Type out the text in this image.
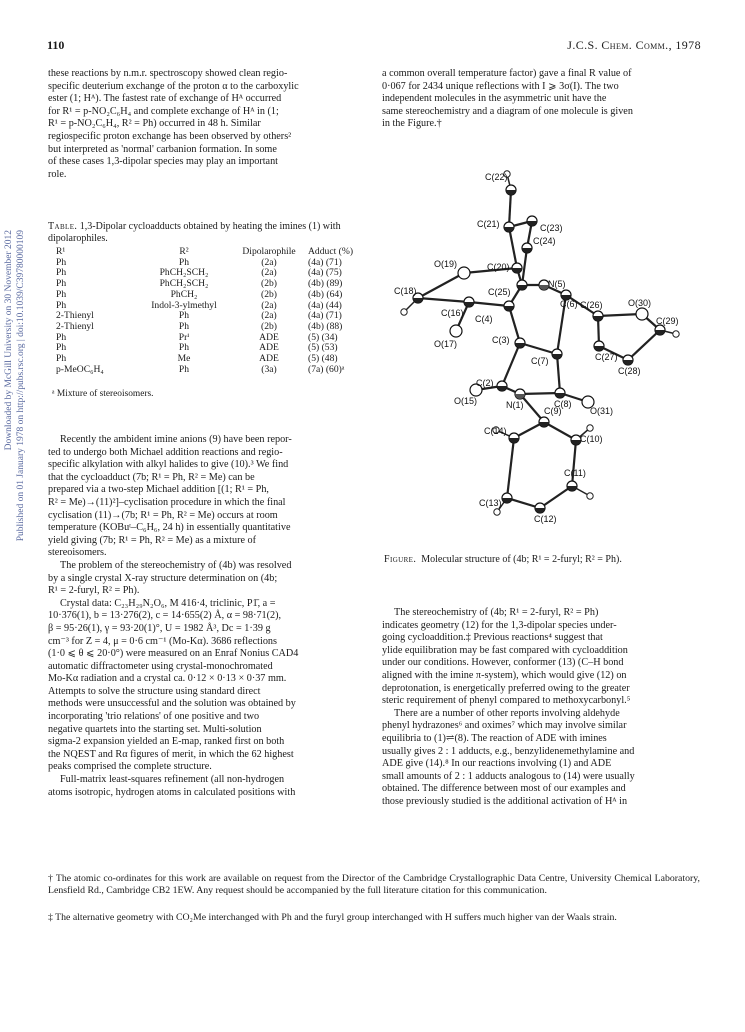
110	J.C.S. Chem. Comm., 1978
Downloaded by McGill University on 30 November 2012 Published on 01 January 1978 on http://pubs.rsc.org | doi:10.1039/C39780000109
these reactions by n.m.r. spectroscopy showed clean regio-
specific deuterium exchange of the proton α to the carboxylic
ester (1; Hᴬ). The fastest rate of exchange of Hᴬ occurred
for R¹ = p-NO₂C₆H₄ and complete exchange of Hᴬ in (1;
R¹ = p-NO₂C₆H₄, R² = Ph) occurred in 48 h. Similar
regiospecific proton exchange has been observed by others²
but interpreted as 'normal' carbanion formation. In some
of these cases 1,3-dipolar species may play an important
role.
Table. 1,3-Dipolar cycloadducts obtained by heating the imines (1) with dipolarophiles.
R¹	R²	Dipolarophile	Adduct (%)
Ph	Ph	(2a)	(4a) (71)
Ph	PhCH₂SCH₂	(2a)	(4a) (75)
Ph	PhCH₂SCH₂	(2b)	(4b) (89)
Ph	PhCH₂	(2b)	(4b) (64)
Ph	Indol-3-ylmethyl	(2a)	(4a) (44)
2-Thienyl	Ph	(2a)	(4a) (71)
2-Thienyl	Ph	(2b)	(4b) (88)
Ph	Prⁱ	ADE	(5) (34)
Ph	Ph	ADE	(5) (53)
Ph	Me	ADE	(5) (48)
p-MeOC₆H₄	Ph	(3a)	(7a) (60)ᵃ
ᵃ Mixture of stereoisomers.
Recently the ambident imine anions (9) have been repor-
ted to undergo both Michael addition reactions and regio-
specific alkylation with alkyl halides to give (10).³ We find
that the cycloadduct (7b; R¹ = Ph, R² = Me) can be
prepared via a two-step Michael addition [(1; R¹ = Ph,
R² = Me)→(11)²]–cyclisation procedure in which the final
cyclisation (11)→(7b; R¹ = Ph, R² = Me) occurs at room
temperature (KOBuᵗ–C₆H₆, 24 h) in essentially quantitative
yield giving (7b; R¹ = Ph, R² = Me) as a mixture of
stereoisomers.
The problem of the stereochemistry of (4b) was resolved
by a single crystal X-ray structure determination on (4b;
R¹ = 2-furyl, R² = Ph).
Crystal data: C₂₃H₂₉N₂O₆, M 416·4, triclinic, P1̄, a =
10·376(1), b = 13·276(2), c = 14·655(2) Å, α = 98·71(2),
β = 95·26(1), γ = 93·20(1)°, U = 1982 Å³, Dc = 1·39 g
cm⁻³ for Z = 4, μ = 0·6 cm⁻¹ (Mo-Kα). 3686 reflections
(1·0 ⩽ θ ⩽ 20·0°) were measured on an Enraf Nonius CAD4
automatic diffractometer using crystal-monochromated
Mo-Kα radiation and a crystal ca. 0·12 × 0·13 × 0·37 mm.
Attempts to solve the structure using standard direct
methods were unsuccessful and the solution was obtained by
incorporating 'trio relations' of one positive and two
negative quartets into the starting set. Multi-solution
sigma-2 expansion yielded an E-map, ranked first on both
the NQEST and Rα figures of merit, in which the 62 highest
peaks comprised the complete structure.
Full-matrix least-squares refinement (all non-hydrogen
atoms isotropic, hydrogen atoms in calculated positions with
a common overall temperature factor) gave a final R value of
0·067 for 2434 unique reflections with I ⩾ 3σ(I). The two
independent molecules in the asymmetric unit have the
same stereochemistry and a diagram of one molecule is given
in the Figure.†
C(22)
C(23)
C(21)
C(24)
C(20)
O(19)
C(25)
N(5)
C(18)
C(6) C(26)	O(30)
C(16)
C(4)	C(29)
O(17)	C(3)
C(27)
C(28)
C(7)
O(15)
C(2)
N(1)	C(8)
O(31)
C(9)
C(14)
C(10)
C(11)
C(13)
C(12)
Figure. Molecular structure of (4b; R¹ = 2-furyl; R² = Ph).
The stereochemistry of (4b; R¹ = 2-furyl, R² = Ph)
indicates geometry (12) for the 1,3-dipolar species under-
going cycloaddition.‡ Previous reactions⁴ suggest that
ylide equilibration may be fast compared with cycloaddition
under our conditions. However, conformer (13) (C–H bond
aligned with the imine π-system), which would give (12) on
deprotonation, is energetically preferred owing to the greater
steric requirement of phenyl compared to methoxycarbonyl.⁵
There are a number of other reports involving aldehyde
phenyl hydrazones⁶ and oximes⁷ which may involve similar
equilibria to (1)⇌(8). The reaction of ADE with imines
usually gives 2 : 1 adducts, e.g., benzylidenemethylamine and
ADE give (14).⁸ In our reactions involving (1) and ADE
small amounts of 2 : 1 adducts analogous to (14) were usually
obtained. The difference between most of our examples and
those previously studied is the additional activation of Hᴬ in
† The atomic co-ordinates for this work are available on request from the Director of the Cambridge Crystallographic Data Centre, University Chemical Laboratory, Lensfield Rd., Cambridge CB2 1EW. Any request should be accompanied by the full literature citation for this communication.
‡ The alternative geometry with CO₂Me interchanged with Ph and the furyl group interchanged with H suffers much higher van der Waals strain.
